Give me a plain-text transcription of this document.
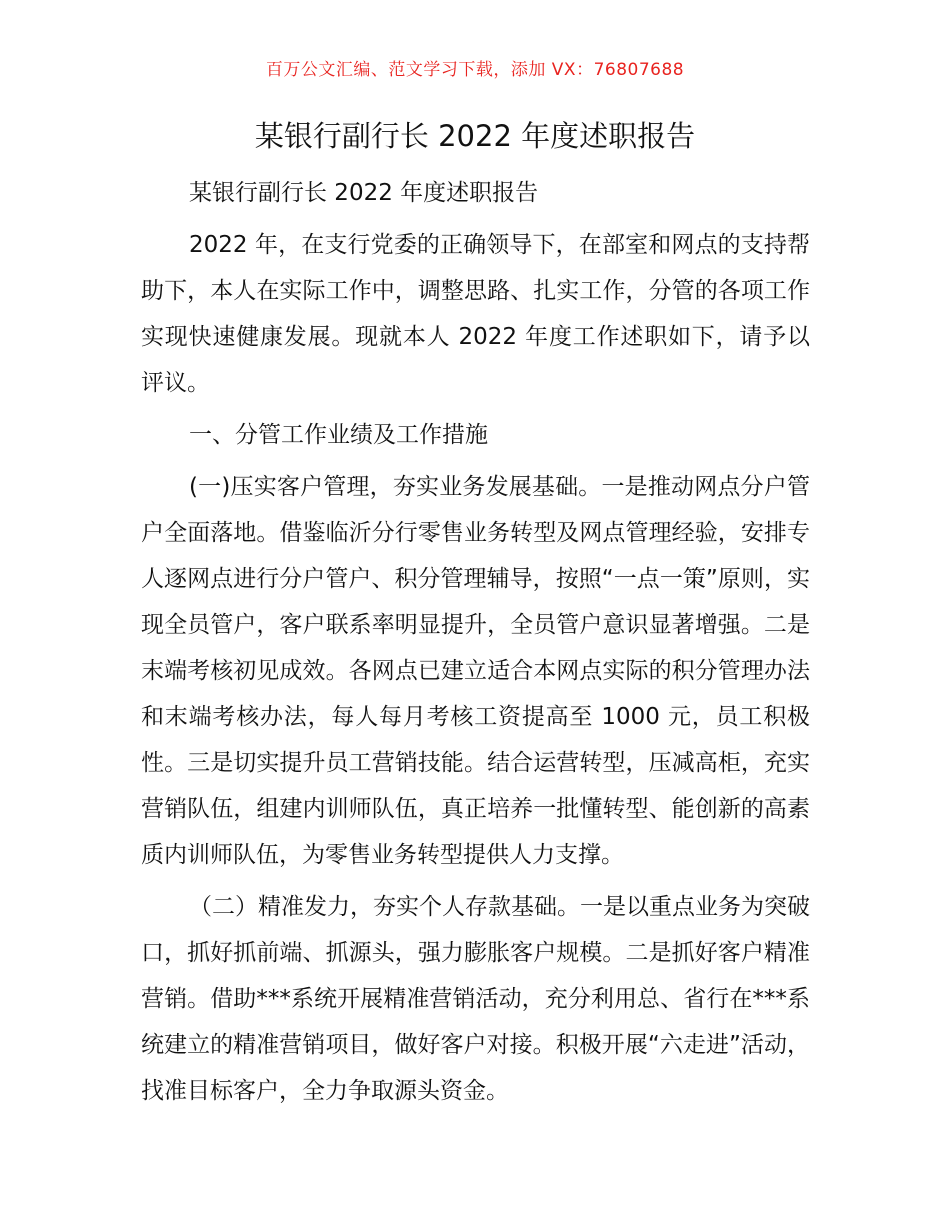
百万公文汇编、范文学习下载，添加 VX：76807688
某银行副行长 2022 年度述职报告

某银行副行长 2022 年度述职报告

2022 年，在支行党委的正确领导下，在部室和网点的支持帮助下，本人在实际工作中，调整思路、扎实工作，分管的各项工作实现快速健康发展。现就本人 2022 年度工作述职如下，请予以评议。

一、分管工作业绩及工作措施

(一)压实客户管理，夯实业务发展基础。一是推动网点分户管户全面落地。借鉴临沂分行零售业务转型及网点管理经验，安排专人逐网点进行分户管户、积分管理辅导，按照“一点一策”原则，实现全员管户，客户联系率明显提升，全员管户意识显著增强。二是末端考核初见成效。各网点已建立适合本网点实际的积分管理办法和末端考核办法，每人每月考核工资提高至 1000 元，员工积极性。三是切实提升员工营销技能。结合运营转型，压减高柜，充实营销队伍，组建内训师队伍，真正培养一批懂转型、能创新的高素质内训师队伍，为零售业务转型提供人力支撑。

（二）精准发力，夯实个人存款基础。一是以重点业务为突破口，抓好抓前端、抓源头，强力膨胀客户规模。二是抓好客户精准营销。借助***系统开展精准营销活动，充分利用总、省行在***系统建立的精准营销项目，做好客户对接。积极开展“六走进”活动，找准目标客户，全力争取源头资金。
